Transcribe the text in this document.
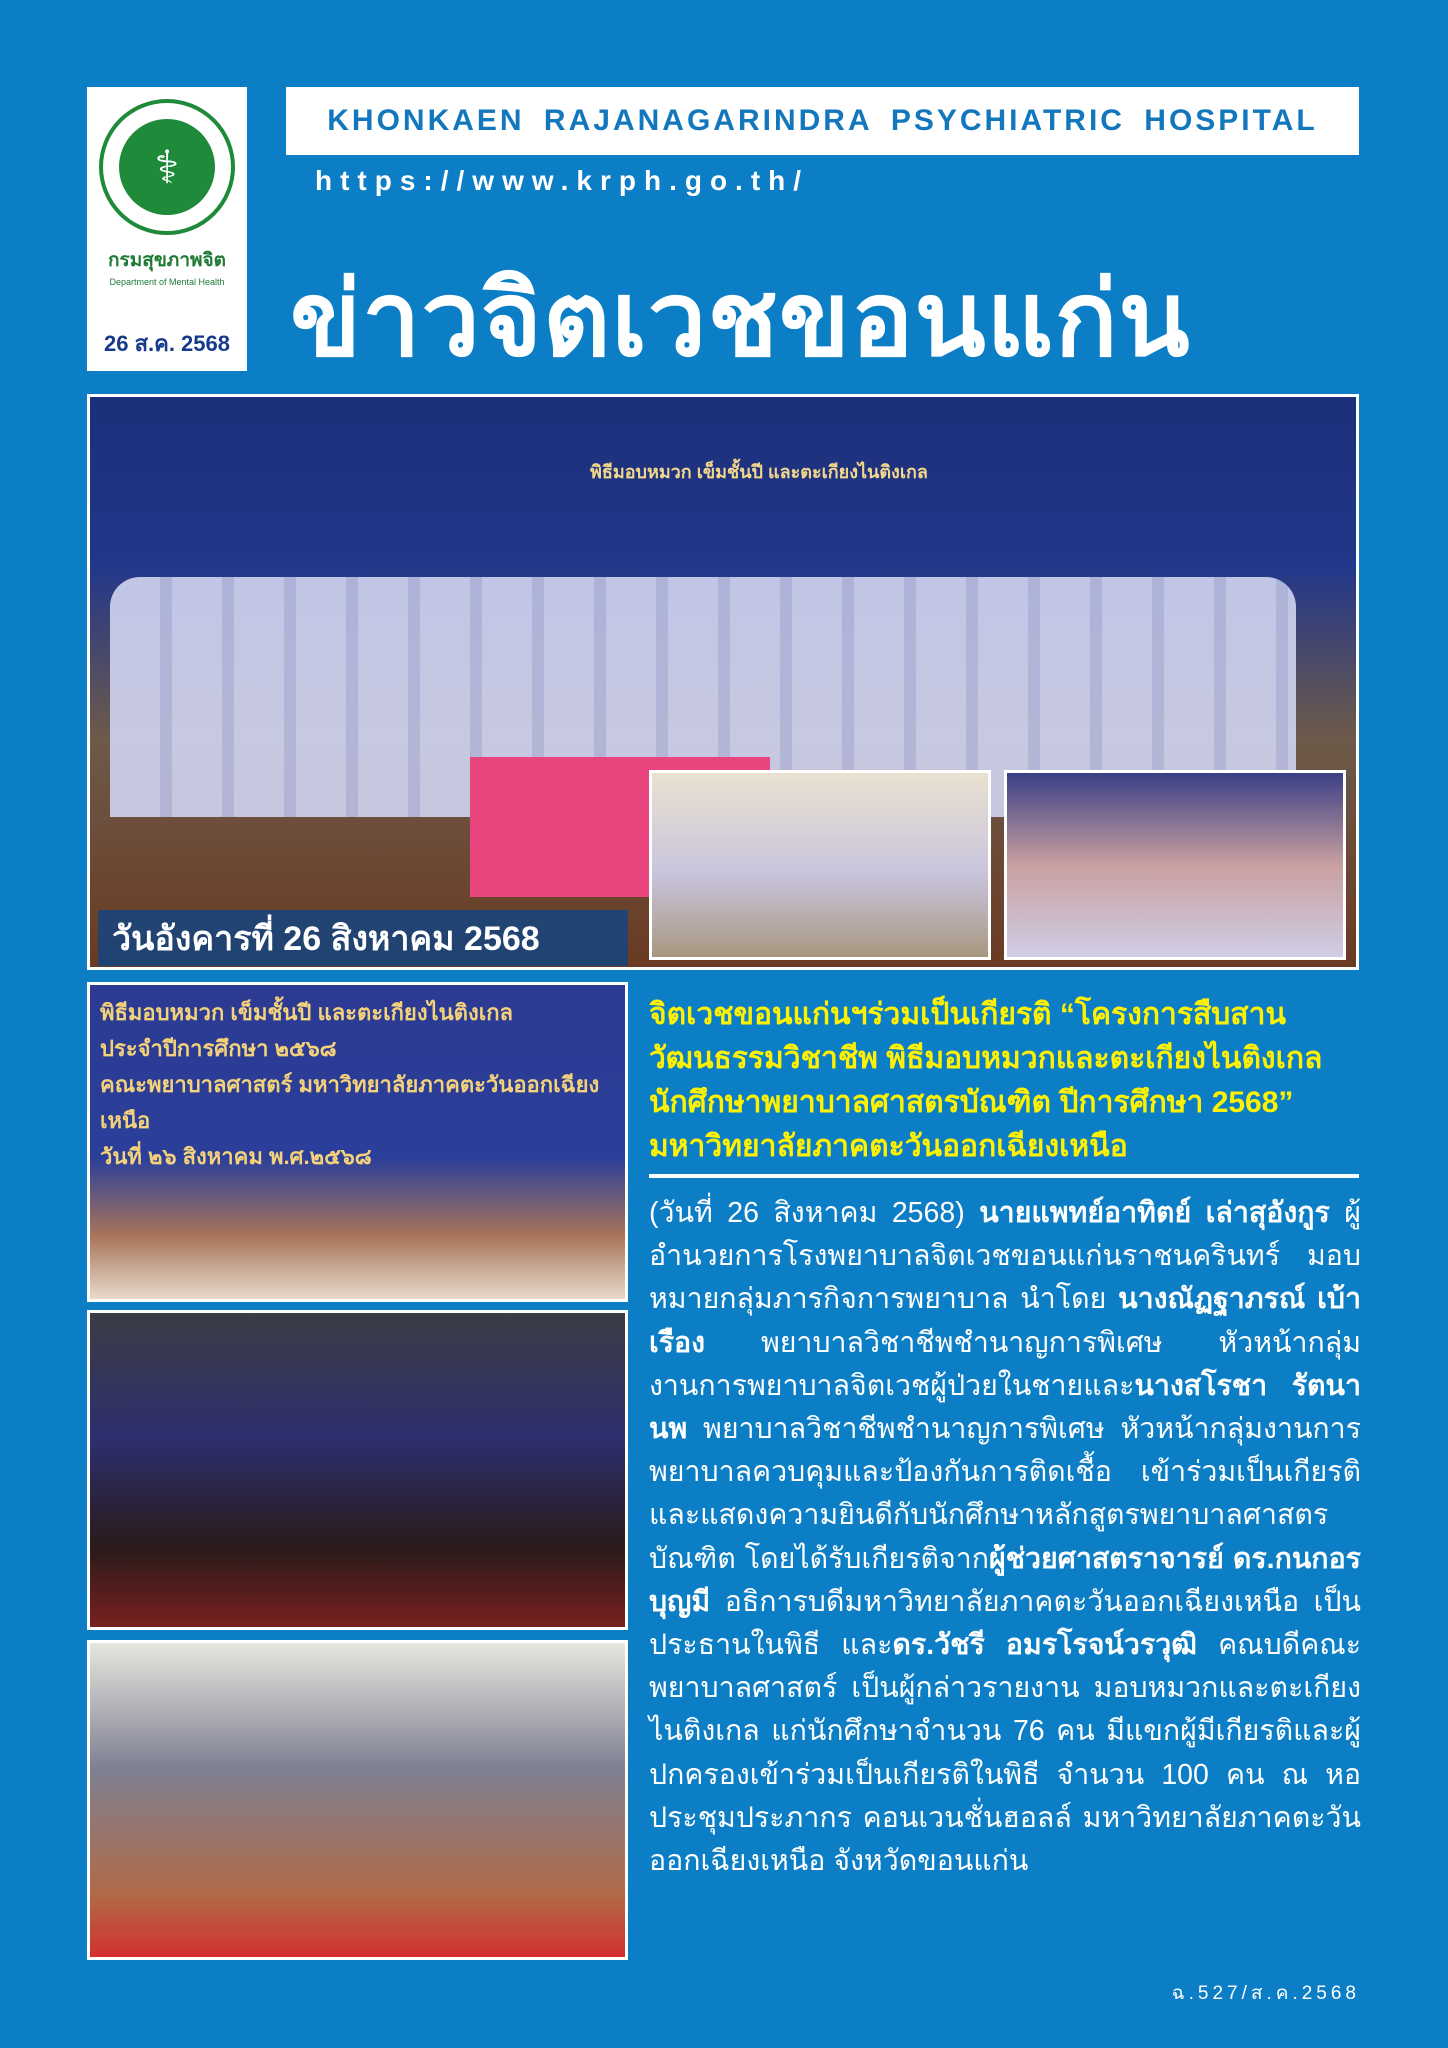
⚕
กรมสุขภาพจิต
Department of Mental Health
26 ส.ค. 2568
KHONKAEN RAJANAGARINDRA PSYCHIATRIC HOSPITAL
https://www.krph.go.th/
ข่าวจิตเวชขอนแก่น
พิธีมอบหมวก เข็มชั้นปี และตะเกียงไนติงเกล
วันอังคารที่ 26 สิงหาคม 2568
พิธีมอบหมวก เข็มชั้นปี และตะเกียงไนติงเกล
ประจำปีการศึกษา ๒๕๖๘
คณะพยาบาลศาสตร์ มหาวิทยาลัยภาคตะวันออกเฉียงเหนือ
วันที่ ๒๖ สิงหาคม พ.ศ.๒๕๖๘
จิตเวชขอนแก่นฯร่วมเป็นเกียรติ “โครงการสืบสานวัฒนธรรมวิชาชีพ พิธีมอบหมวกและตะเกียงไนติงเกล นักศึกษาพยาบาลศาสตรบัณฑิต ปีการศึกษา 2568” มหาวิทยาลัยภาคตะวันออกเฉียงเหนือ
(วันที่ 26 สิงหาคม 2568) นายแพทย์อาทิตย์ เล่าสุอังกูร ผู้อำนวยการโรงพยาบาลจิตเวชขอนแก่นราชนครินทร์ มอบหมายกลุ่มภารกิจการพยาบาล นำโดย นางณัฏฐาภรณ์ เบ้าเรือง พยาบาลวิชาชีพชำนาญการพิเศษ หัวหน้ากลุ่มงานการพยาบาลจิตเวชผู้ป่วยในชายและนางสโรชา รัตนานพ พยาบาลวิชาชีพชำนาญการพิเศษ หัวหน้ากลุ่มงานการพยาบาลควบคุมและป้องกันการติดเชื้อ เข้าร่วมเป็นเกียรติ และแสดงความยินดีกับนักศึกษาหลักสูตรพยาบาลศาสตรบัณฑิต โดยได้รับเกียรติจากผู้ช่วยศาสตราจารย์ ดร.กนกอร บุญมี อธิการบดีมหาวิทยาลัยภาคตะวันออกเฉียงเหนือ เป็นประธานในพิธี และดร.วัชรี อมรโรจน์วรวุฒิ คณบดีคณะพยาบาลศาสตร์ เป็นผู้กล่าวรายงาน มอบหมวกและตะเกียงไนติงเกล แก่นักศึกษาจำนวน 76 คน มีแขกผู้มีเกียรติและผู้ปกครองเข้าร่วมเป็นเกียรติในพิธี จำนวน 100 คน ณ หอประชุมประภากร คอนเวนชั่นฮอลล์ มหาวิทยาลัยภาคตะวันออกเฉียงเหนือ จังหวัดขอนแก่น
ฉ.527/ส.ค.2568
